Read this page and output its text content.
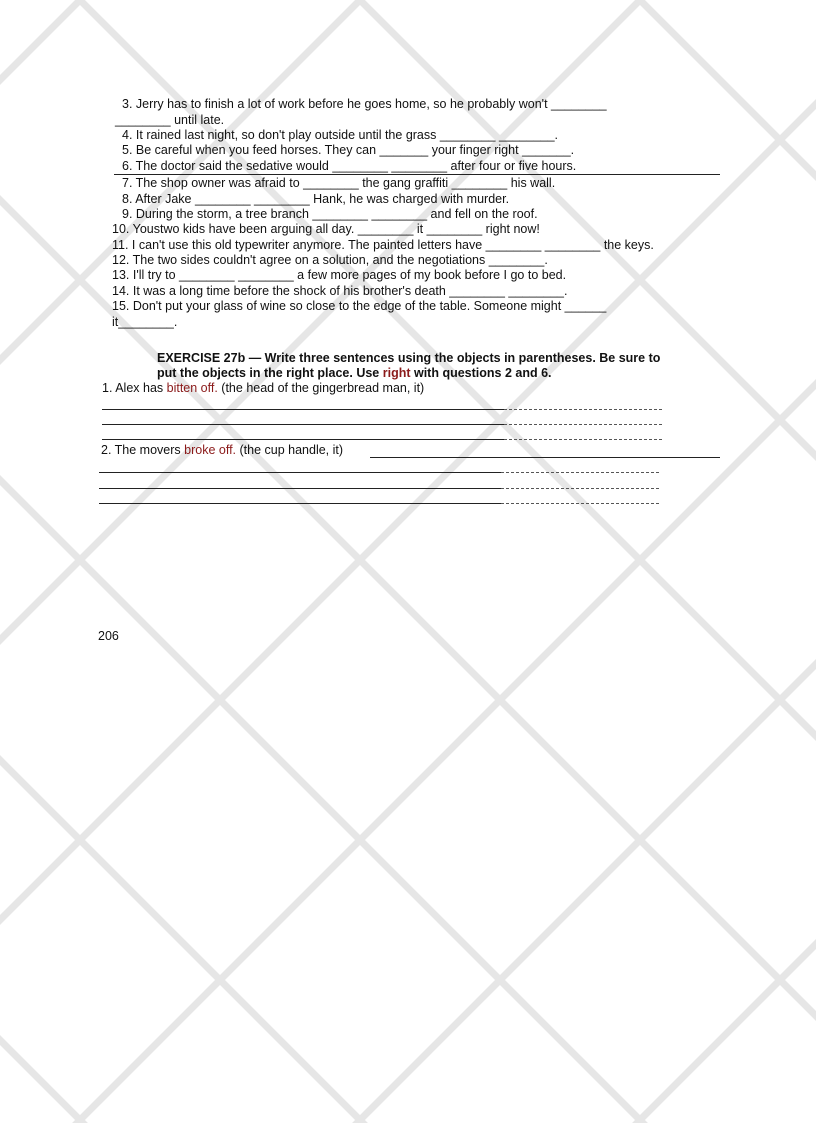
3. Jerry has to finish a lot of work before he goes home, so he probably won't ________
________ until late.
4. It rained last night, so don't play outside until the grass ________ ________.
5. Be careful when you feed horses. They can _______ your finger right _______.
6. The doctor said the sedative would ________ ________ after four or five hours.
7. The shop owner was afraid to ________ the gang graffiti ________ his wall.
8. After Jake ________ ________ Hank, he was charged with murder.
9. During the storm, a tree branch ________ ________ and fell on the roof.
10. Youstwo kids have been arguing all day. ________ it ________ right now!
11. I can't use this old typewriter anymore. The painted letters have ________ ________ the keys.
12. The two sides couldn't agree on a solution, and the negotiations ________.
13. I'll try to ________ ________ a few more pages of my book before I go to bed.
14. It was a long time before the shock of his brother's death ________ ________.
15. Don't put your glass of wine so close to the edge of the table. Someone might ______
it________.
EXERCISE 27b — Write three sentences using the objects in parentheses. Be sure to
put the objects in the right place. Use right with questions 2 and 6.
1. Alex has bitten off. (the head of the gingerbread man, it)
2. The movers broke off. (the cup handle, it)
206
